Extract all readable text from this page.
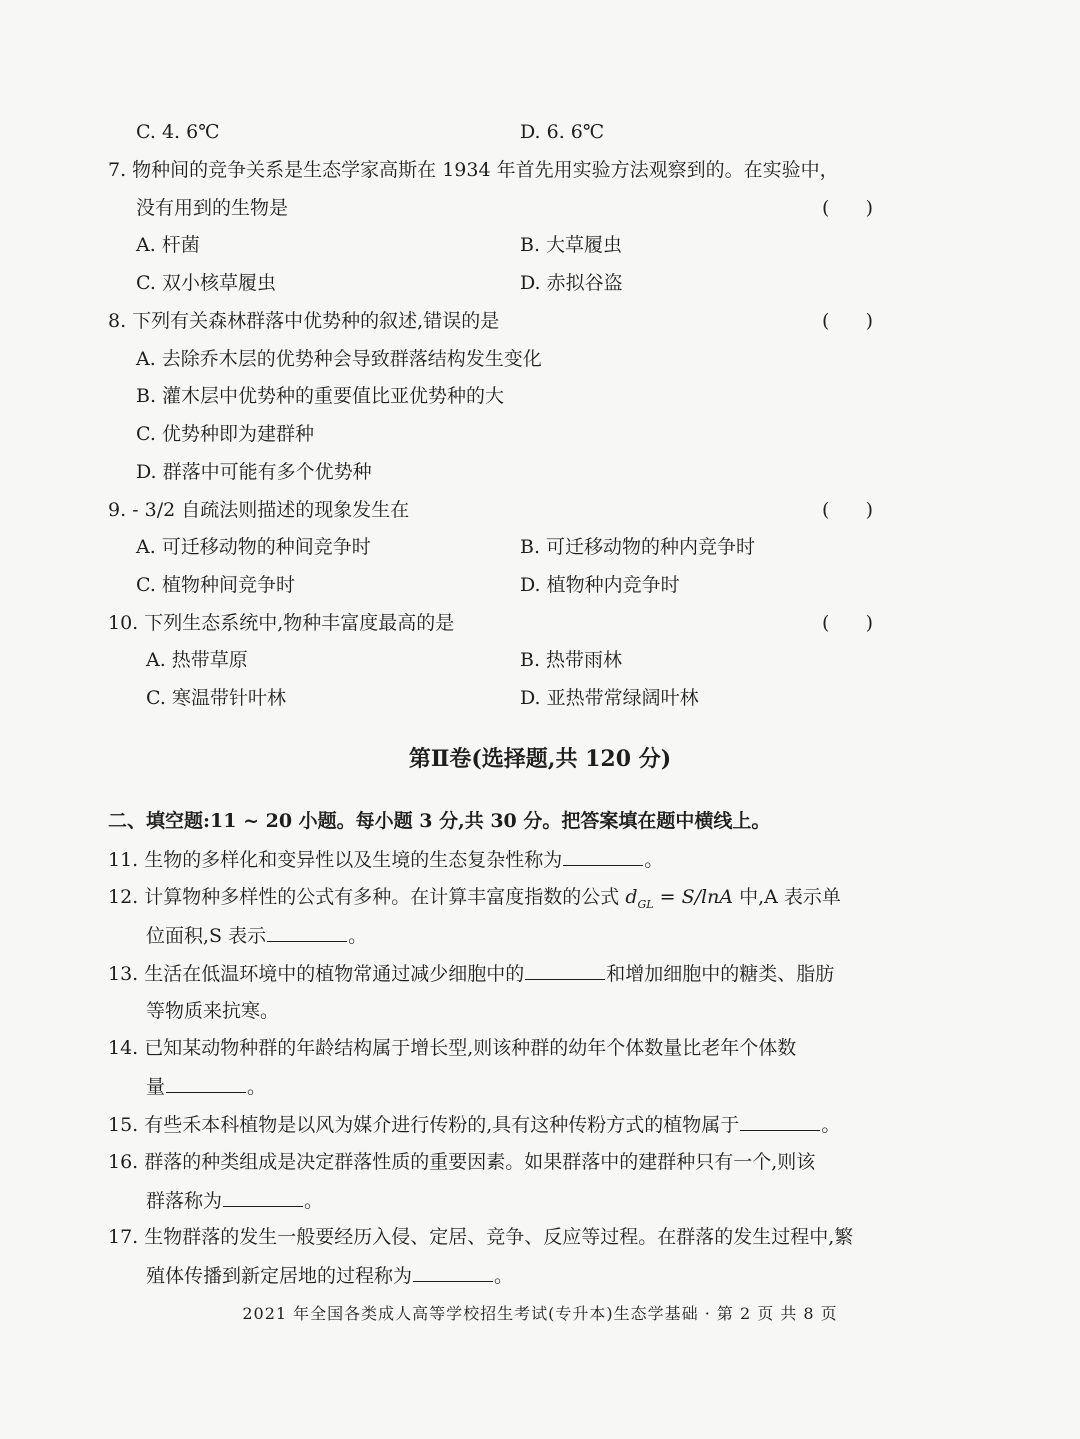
C. 4. 6℃	D. 6. 6℃
7. 物种间的竞争关系是生态学家高斯在 1934 年首先用实验方法观察到的。在实验中，
没有用到的生物是	(      )
A. 杆菌	B. 大草履虫
C. 双小核草履虫	D. 赤拟谷盗
8. 下列有关森林群落中优势种的叙述,错误的是	(      )
A. 去除乔木层的优势种会导致群落结构发生变化
B. 灌木层中优势种的重要值比亚优势种的大
C. 优势种即为建群种
D. 群落中可能有多个优势种
9. - 3/2 自疏法则描述的现象发生在	(      )
A. 可迁移动物的种间竞争时	B. 可迁移动物的种内竞争时
C. 植物种间竞争时	D. 植物种内竞争时
10. 下列生态系统中,物种丰富度最高的是	(      )
A. 热带草原	B. 热带雨林
C. 寒温带针叶林	D. 亚热带常绿阔叶林
第Ⅱ卷(选择题,共 120 分)
二、填空题:11 ~ 20 小题。每小题 3 分,共 30 分。把答案填在题中横线上。
11. 生物的多样化和变异性以及生境的生态复杂性称为	。
12. 计算物种多样性的公式有多种。在计算丰富度指数的公式 $d_{GL} = S/\ln A$ 中,A 表示单
位面积,S 表示	。
13. 生活在低温环境中的植物常通过减少细胞中的	和增加细胞中的糖类、脂肪
等物质来抗寒。
14. 已知某动物种群的年龄结构属于增长型,则该种群的幼年个体数量比老年个体数
量	。
15. 有些禾本科植物是以风为媒介进行传粉的,具有这种传粉方式的植物属于	。
16. 群落的种类组成是决定群落性质的重要因素。如果群落中的建群种只有一个,则该
群落称为	。
17. 生物群落的发生一般要经历入侵、定居、竞争、反应等过程。在群落的发生过程中,繁
殖体传播到新定居地的过程称为	。
2021 年全国各类成人高等学校招生考试(专升本)生态学基础 · 第 2 页 共 8 页
